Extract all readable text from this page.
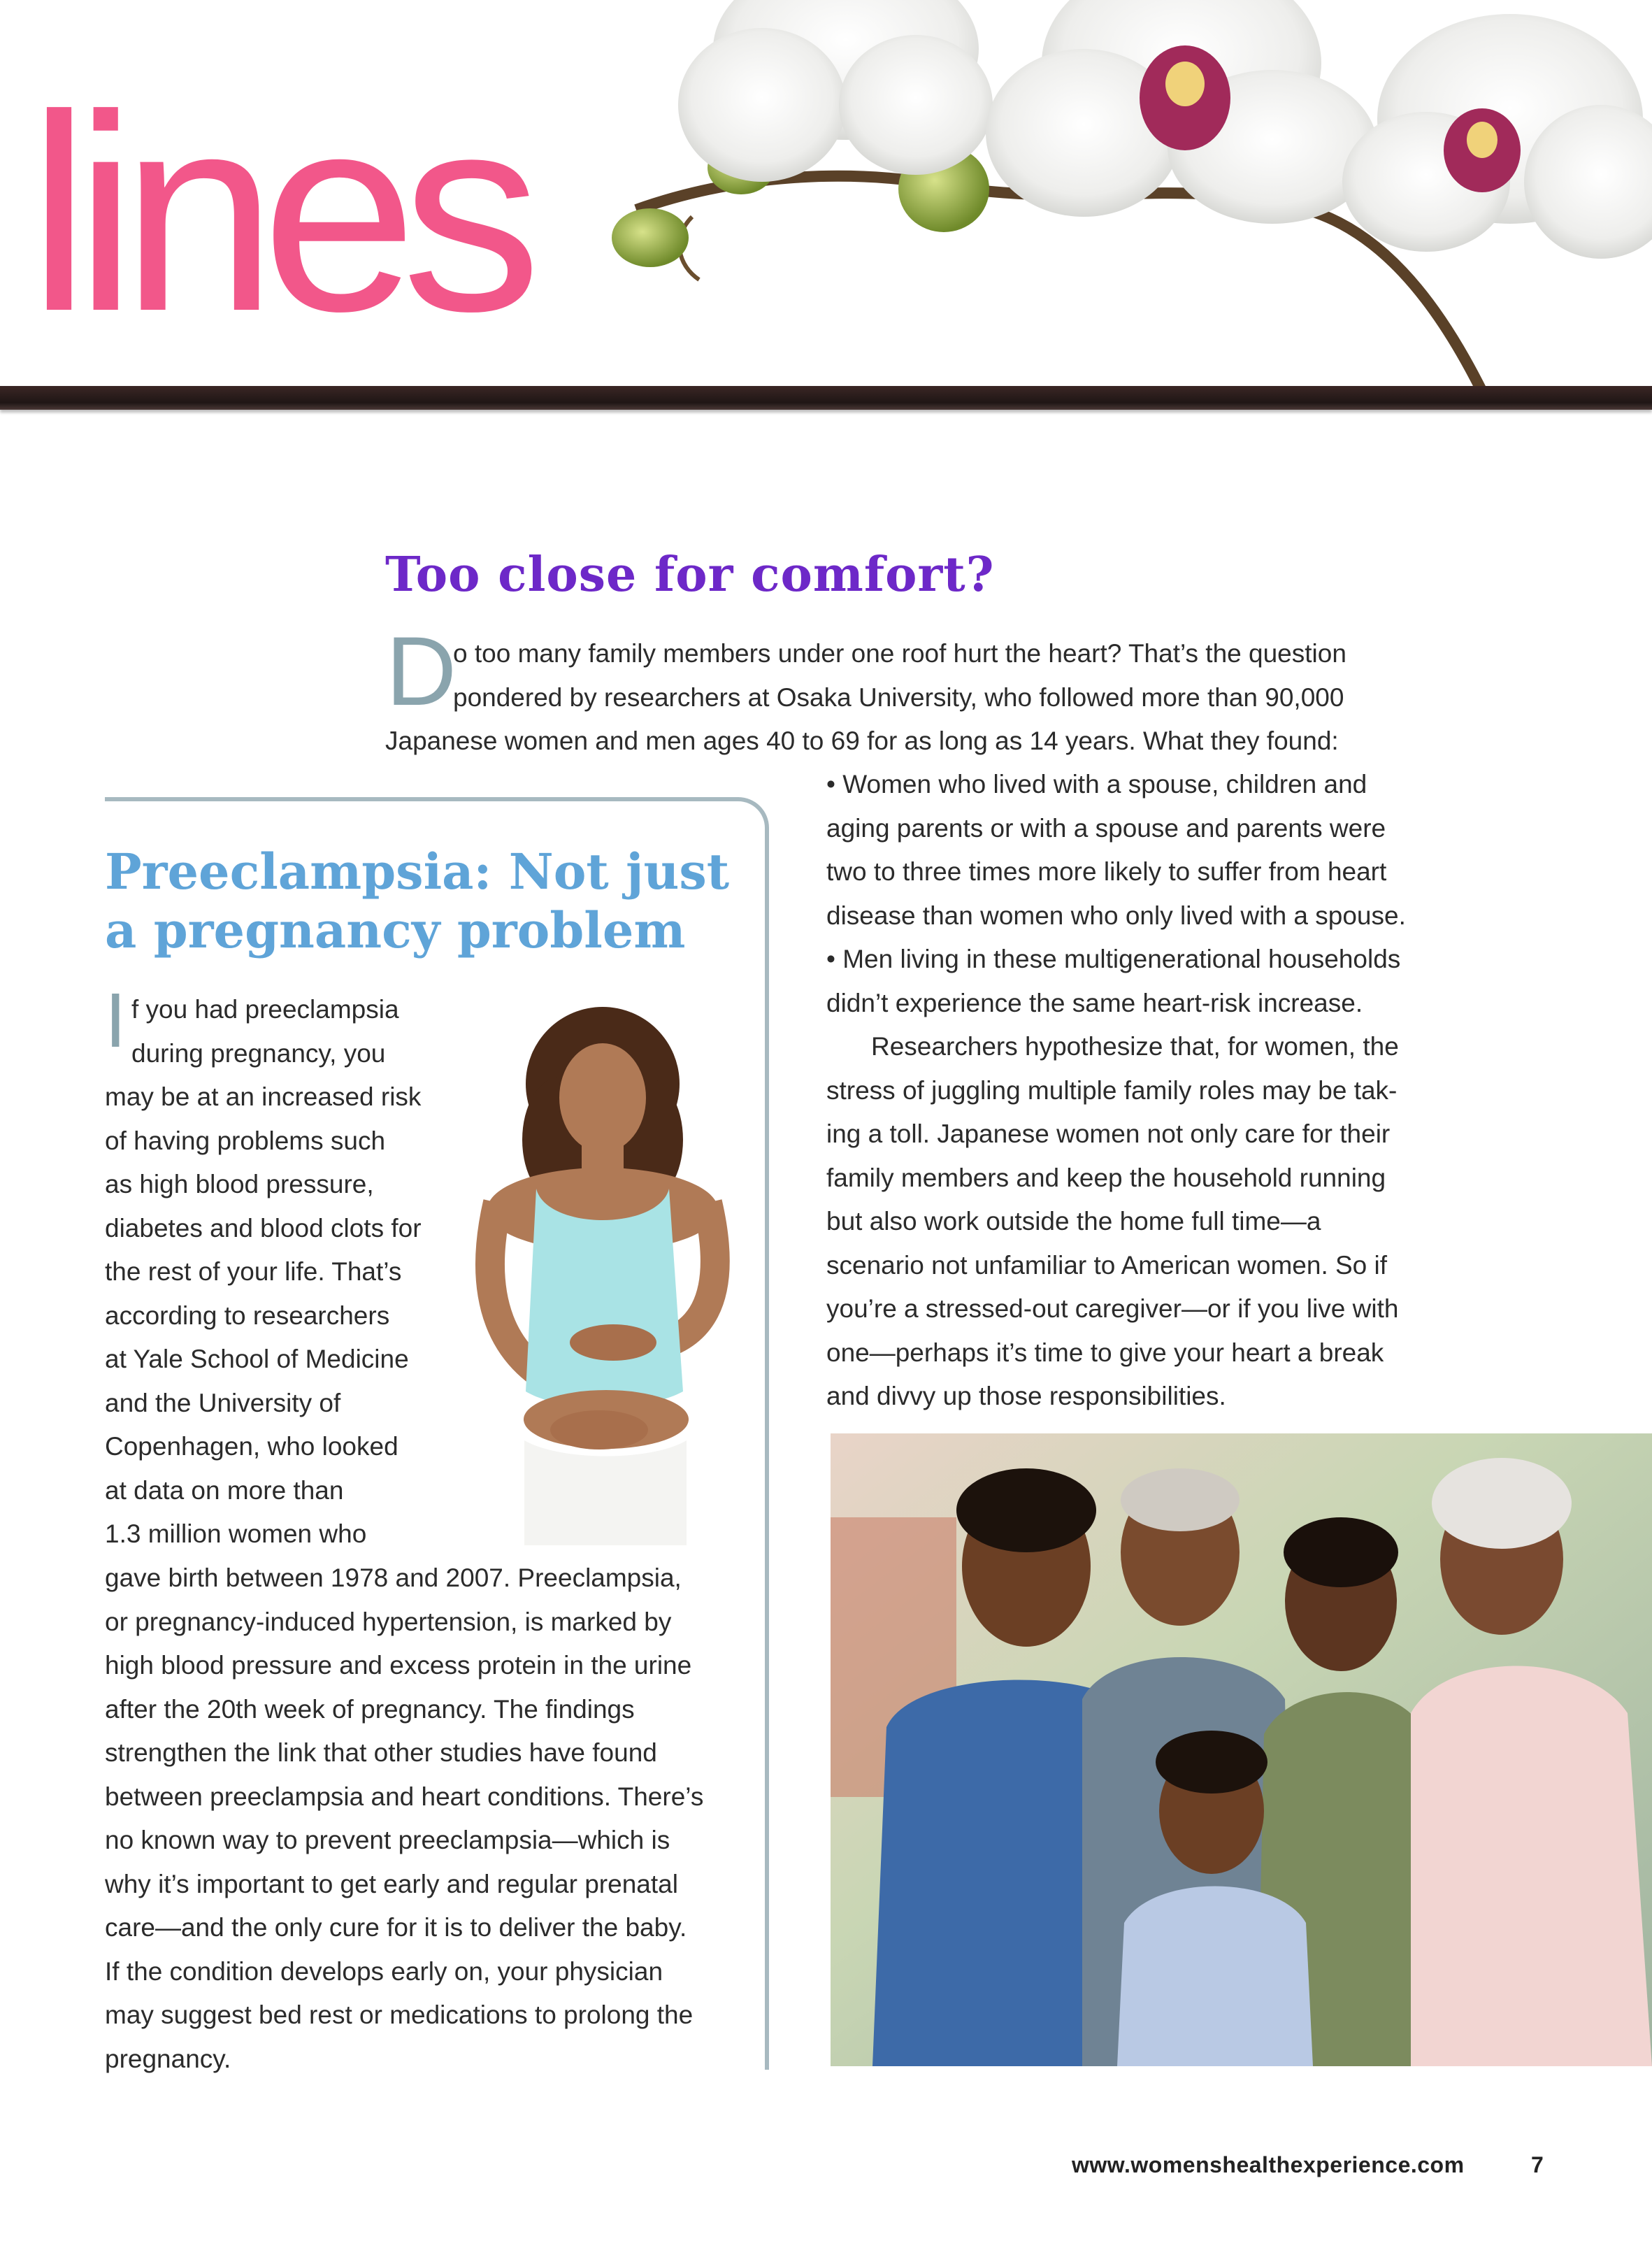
lines
Too close for comfort?
D
o too many family members under one roof hurt the heart? That’s the question
pondered by researchers at Osaka University, who followed more than 90,000
Japanese women and men ages 40 to 69 for as long as 14 years. What they found:
• Women who lived with a spouse, children and
aging parents or with a spouse and parents were
two to three times more likely to suffer from heart
disease than women who only lived with a spouse.
• Men living in these multigenerational households
didn’t experience the same heart-risk increase.
Researchers hypothesize that, for women, the
stress of juggling multiple family roles may be tak-
ing a toll. Japanese women not only care for their
family members and keep the household running
but also work outside the home full time—a
scenario not unfamiliar to American women. So if
you’re a stressed-out caregiver—or if you live with
one—perhaps it’s time to give your heart a break
and divvy up those responsibilities.
Preeclampsia: Not just
a pregnancy problem
I f you had preeclampsia
during pregnancy, you
may be at an increased risk
of having problems such
as high blood pressure,
diabetes and blood clots for
the rest of your life. That’s
according to researchers
at Yale School of Medicine
and the University of
Copenhagen, who looked
at data on more than
1.3 million women who
gave birth between 1978 and 2007. Preeclampsia,
or pregnancy-induced hypertension, is marked by
high blood pressure and excess protein in the urine
after the 20th week of pregnancy. The findings
strengthen the link that other studies have found
between preeclampsia and heart conditions. There’s
no known way to prevent preeclampsia—which is
why it’s important to get early and regular prenatal
care—and the only cure for it is to deliver the baby.
If the condition develops early on, your physician
may suggest bed rest or medications to prolong the
pregnancy.
www.womenshealthexperience.com	7
